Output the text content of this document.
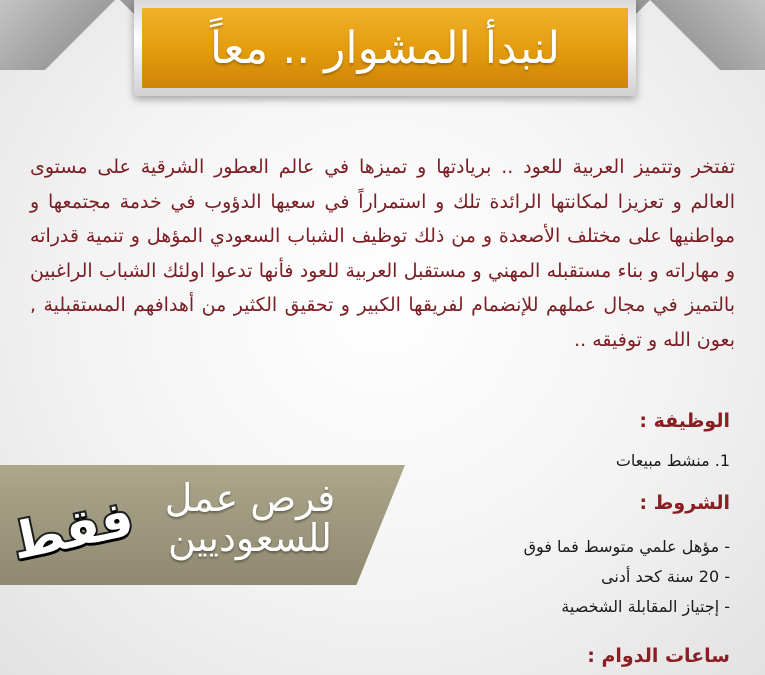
لنبدأ المشوار .. معاً

تفتخر وتتميز العربية للعود .. بريادتها و تميزها في عالم العطور الشرقية على مستوى العالم و تعزيزا لمكانتها الرائدة تلك و استمراراً في سعيها الدؤوب في خدمة مجتمعها و مواطنيها على مختلف الأصعدة و من ذلك توظيف الشباب السعودي المؤهل و تنمية قدراته و مهاراته و بناء مستقبله المهني و مستقبل العربية للعود فأنها تدعوا اولئك الشباب الراغبين بالتميز في مجال عملهم للإنضمام لفريقها الكبير و تحقيق الكثير من أهدافهم المستقبلية , بعون الله و توفيقه ..

الوظيفة :
1. منشط مبيعات
الشروط :
- مؤهل علمي متوسط فما فوق
- 20 سنة كحد أدنى
- إجتياز المقابلة الشخصية
ساعات الدوام :
فرص عمل
للسعوديين
فقط
